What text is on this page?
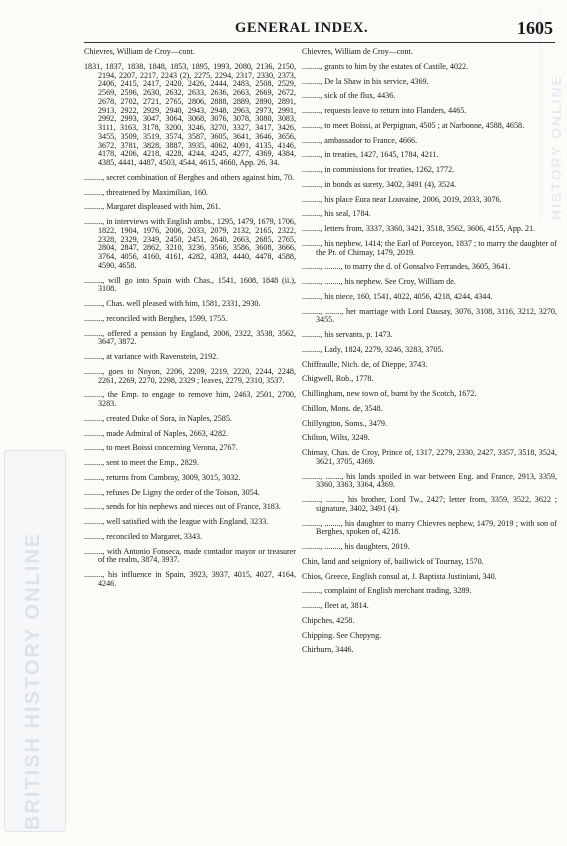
BRITISH HISTORY ONLINE
HISTORY ONLINE
GENERAL INDEX.	1605

Chievres, William de Croy—cont.

1831, 1837, 1838, 1848, 1853, 1895, 1993, 2080, 2136, 2150, 2194, 2207, 2217, 2243 (2), 2275, 2294, 2317, 2330, 2373, 2406, 2415, 2417, 2420, 2426, 2444, 2483, 2508, 2529, 2569, 2596, 2630, 2632, 2633, 2636, 2663, 2669, 2672, 2678, 2702, 2721, 2765, 2806, 2888, 2889, 2890, 2891, 2913, 2922, 2929, 2940, 2943, 2948, 2963, 2973, 2991, 2992, 2993, 3047, 3064, 3068, 3076, 3078, 3080, 3083, 3111, 3163, 3178, 3200, 3246, 3270, 3327, 3417, 3426, 3455, 3509, 3519, 3574, 3587, 3605, 3641, 3646, 3656, 3672, 3781, 3828, 3887, 3935, 4062, 4091, 4135, 4146, 4178, 4206, 4218, 4228, 4244, 4245, 4277, 4369, 4384, 4385, 4441, 4487, 4503, 4544, 4615, 4660, App. 26, 34.

........., secret combination of Berghes and others against him, 70.

........., threatened by Maximilian, 160.

........., Margaret displeased with him, 261.

........., in interviews with English ambs., 1295, 1479, 1679, 1706, 1822, 1904, 1976, 2006, 2033, 2079, 2132, 2165, 2322, 2328, 2329, 2349, 2450, 2451, 2640, 2663, 2685, 2765, 2804, 2847, 2862, 3210, 3236, 3566, 3586, 3608, 3666, 3764, 4056, 4160, 4161, 4282, 4383, 4440, 4478, 4588, 4590, 4658.

........., will go into Spain with Chas., 1541, 1608, 1848 (ii.), 3108.

........., Chas. well pleased with him, 1581, 2331, 2930.

........., reconciled with Berghes, 1599, 1755.

........., offered a pension by England, 2006, 2322, 3538, 3562, 3647, 3872.

........., at variance with Ravenstein, 2192.

........., goes to Noyon, 2206, 2209, 2219, 2220, 2244, 2248, 2261, 2269, 2270, 2298, 2329 ; leaves, 2279, 2310, 3537.

........., the Emp. to engage to remove him, 2463, 2501, 2700, 3283.

........., created Duke of Sora, in Naples, 2585.

........., made Admiral of Naples, 2663, 4282.

........., to meet Boissi concerning Verona, 2767.

........., sent to meet the Emp., 2829.

........., returns from Cambray, 3009, 3015, 3032.

........., refuses De Ligny the order of the Toison, 3054.

........., sends for his nephews and nieces out of France, 3183.

........., well satisfied with the league with England, 3233.

........., reconciled to Margaret, 3343.

........., with Antonio Fonseca, made contador mayor or treasurer of the realm, 3874, 3937.

........., his influence in Spain, 3923, 3937, 4015, 4027, 4164, 4246.

Chievres, William de Croy—cont.

........., grants to him by the estates of Castile, 4022.

........., De la Shaw in his service, 4369.

........., sick of the flux, 4436.

........., requests leave to return into Flanders, 4465.

........., to meet Boissi, at Perpignan, 4505 ; at Narbonne, 4588, 4658.

........., ambassador to France, 4666.

........., in treaties, 1427, 1645, 1784, 4211.

........., in commissions for treaties, 1262, 1772.

........., in bonds as surety, 3402, 3491 (4), 3524.

........., his place Eura near Louvaine, 2006, 2019, 2033, 3076.

........., his seal, 1784.

........., letters from, 3337, 3360, 3421, 3518, 3562, 3606, 4155, App. 21.

........., his nephew, 1414; the Earl of Porceyon, 1837 ; to marry the daughter of the Pr. of Chimay, 1479, 2019.

........., ........, to marry the d. of Gonsalvo Ferrandes, 3605, 3641.

........., ........, his nephew. See Croy, William de.

........., his niece, 160, 1541, 4022, 4056, 4218, 4244, 4344.

........., ........, her marriage with Lord Dausay, 3076, 3108, 3116, 3212, 3270, 3455.

........., his servants, p. 1473.

........., Lady, 1824, 2279, 3246, 3283, 3705.

Chiffraulle, Nich. de, of Dieppe, 3743.

Chigwell, Rob., 1778.

Chillingham, new town of, burnt by the Scotch, 1672.

Chillon, Mons. de, 3548.

Chillyngton, Soms., 3479.

Chilton, Wilts, 3249.

Chimay, Chas. de Croy, Prince of, 1317, 2279, 2330, 2427, 3357, 3518, 3524, 3621, 3705, 4369.

........., ........, his lands spoiled in war between Eng. and France, 2913, 3359, 3360, 3363, 3364, 4369.

........., ........, his brother, Lord Tw., 2427; letter from, 3359, 3522, 3622 ; signature, 3402, 3491 (4).

........., ........, his daughter to marry Chievres nephew, 1479, 2019 ; with son of Berghes, spoken of, 4218.

........., ........, his daughters, 2019.

Chin, land and seigniory of, bailiwick of Tournay, 1570.

Chios, Greece, English consul at, J. Baptista Justiniani, 340.

........., complaint of English merchant trading, 3289.

........., fleet at, 3814.

Chipches, 4258.

Chipping. See Chepyng.

Chirburn, 3446.
